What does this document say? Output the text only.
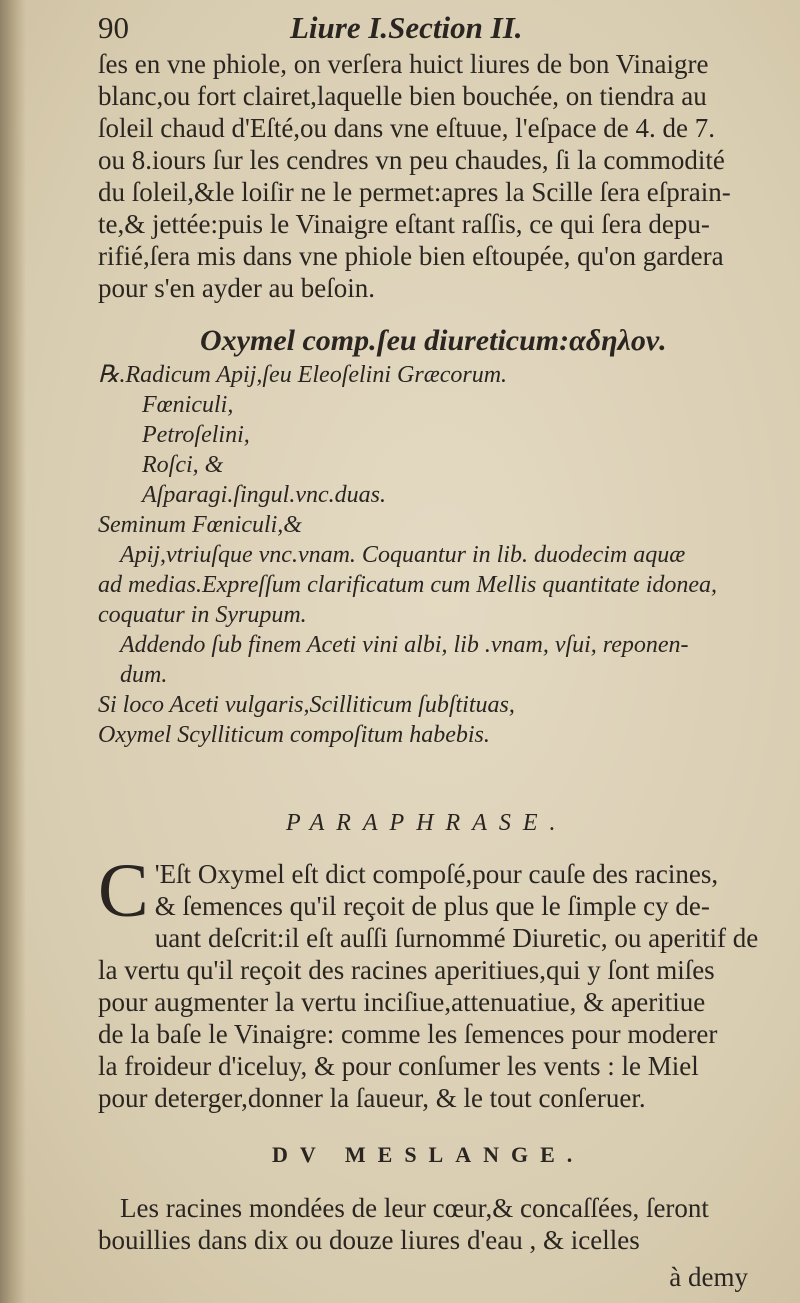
90	Liure I.Section II.
ſes en vne phiole, on verſera huict liures de bon Vinaigre
blanc,ou fort clairet,laquelle bien bouchée, on tiendra au
ſoleil chaud d'Eſté,ou dans vne eſtuue, l'eſpace de 4. de 7.
ou 8.iours ſur les cendres vn peu chaudes, ſi la commodité
du ſoleil,&le loiſir ne le permet:apres la Scille ſera eſprain-
te,& jettée:puis le Vinaigre eſtant raſſis, ce qui ſera depu-
rifié,ſera mis dans vne phiole bien eſtoupée, qu'on gardera
pour s'en ayder au beſoin.
Oxymel comp.ſeu diureticum:αδηλον.
℞.Radicum Apij,ſeu Eleoſelini Græcorum.
Fœniculi,
Petroſelini,
Roſci, &
Aſparagi.ſingul.vnc.duas.
Seminum Fœniculi,&
Apij,vtriuſque vnc.vnam. Coquantur in lib. duodecim aquæ
ad medias.Expreſſum clarificatum cum Mellis quantitate idonea,
coquatur in Syrupum.
Addendo ſub finem Aceti vini albi, lib .vnam, vſui, reponen-
dum.
Si loco Aceti vulgaris,Scilliticum ſubſtituas,
Oxymel Scylliticum compoſitum habebis.
PARAPHRASE.
C 'Eſt Oxymel eſt dict compoſé,pour cauſe des racines,
& ſemences qu'il reçoit de plus que le ſimple cy de-
uant deſcrit:il eſt auſſi ſurnommé Diuretic, ou aperitif de
la vertu qu'il reçoit des racines aperitiues,qui y ſont miſes
pour augmenter la vertu inciſiue,attenuatiue, & aperitiue
de la baſe le Vinaigre: comme les ſemences pour moderer
la froideur d'iceluy, & pour conſumer les vents : le Miel
pour deterger,donner la ſaueur, & le tout conſeruer.
DV MESLANGE.
Les racines mondées de leur cœur,& concaſſées, ſeront
bouillies dans dix ou douze liures d'eau , & icelles
à demy
